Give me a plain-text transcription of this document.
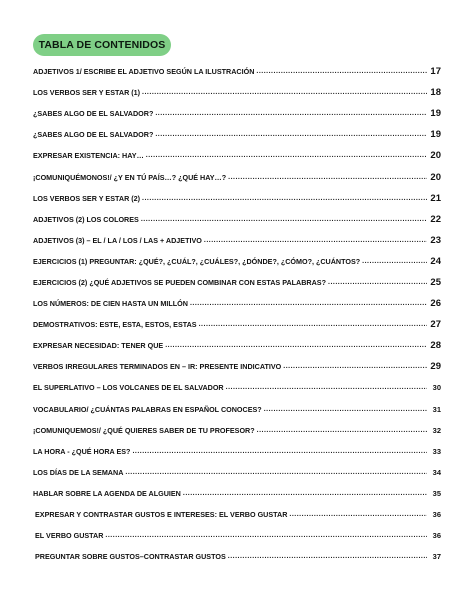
TABLA DE CONTENIDOS
ADJETIVOS 1/ ESCRIBE EL ADJETIVO SEGÚN LA ILUSTRACIÓN .....	17
LOS VERBOS SER Y ESTAR (1) .....	18
¿SABES ALGO DE EL SALVADOR? .....	19
¿SABES ALGO DE EL SALVADOR? .....	19
EXPRESAR EXISTENCIA: HAY… .....	20
¡COMUNIQUÉMONOS!/ ¿Y EN TÚ PAÍS…? ¿QUÉ HAY…? .....	20
LOS VERBOS SER Y ESTAR (2) .....	21
ADJETIVOS (2) LOS COLORES .....	22
ADJETIVOS (3) – EL / LA / LOS / LAS + ADJETIVO .....	23
EJERCICIOS (1) PREGUNTAR: ¿QUÉ?, ¿CUÁL?, ¿CUÁLES?, ¿DÓNDE?, ¿CÓMO?, ¿CUÁNTOS? .....	24
EJERCICIOS (2) ¿QUÉ ADJETIVOS SE PUEDEN COMBINAR CON ESTAS PALABRAS? .....	25
LOS NÚMEROS: DE CIEN HASTA UN MILLÓN .....	26
DEMOSTRATIVOS: ESTE, ESTA, ESTOS, ESTAS .....	27
EXPRESAR NECESIDAD: TENER QUE .....	28
VERBOS IRREGULARES TERMINADOS EN – IR: PRESENTE INDICATIVO .....	29
EL SUPERLATIVO – LOS VOLCANES DE EL SALVADOR .....	30
VOCABULARIO/ ¿CUÁNTAS PALABRAS EN ESPAÑOL CONOCES? .....	31
¡COMUNIQUEMOS!/ ¿QUÉ QUIERES SABER DE TU PROFESOR? .....	32
LA HORA - ¿QUÉ HORA ES? .....	33
LOS DÍAS DE LA SEMANA .....	34
HABLAR SOBRE LA AGENDA DE ALGUIEN .....	35
EXPRESAR Y CONTRASTAR GUSTOS E INTERESES: EL VERBO GUSTAR .....	36
EL VERBO GUSTAR .....	36
PREGUNTAR SOBRE GUSTOS–CONTRASTAR GUSTOS .....	37
